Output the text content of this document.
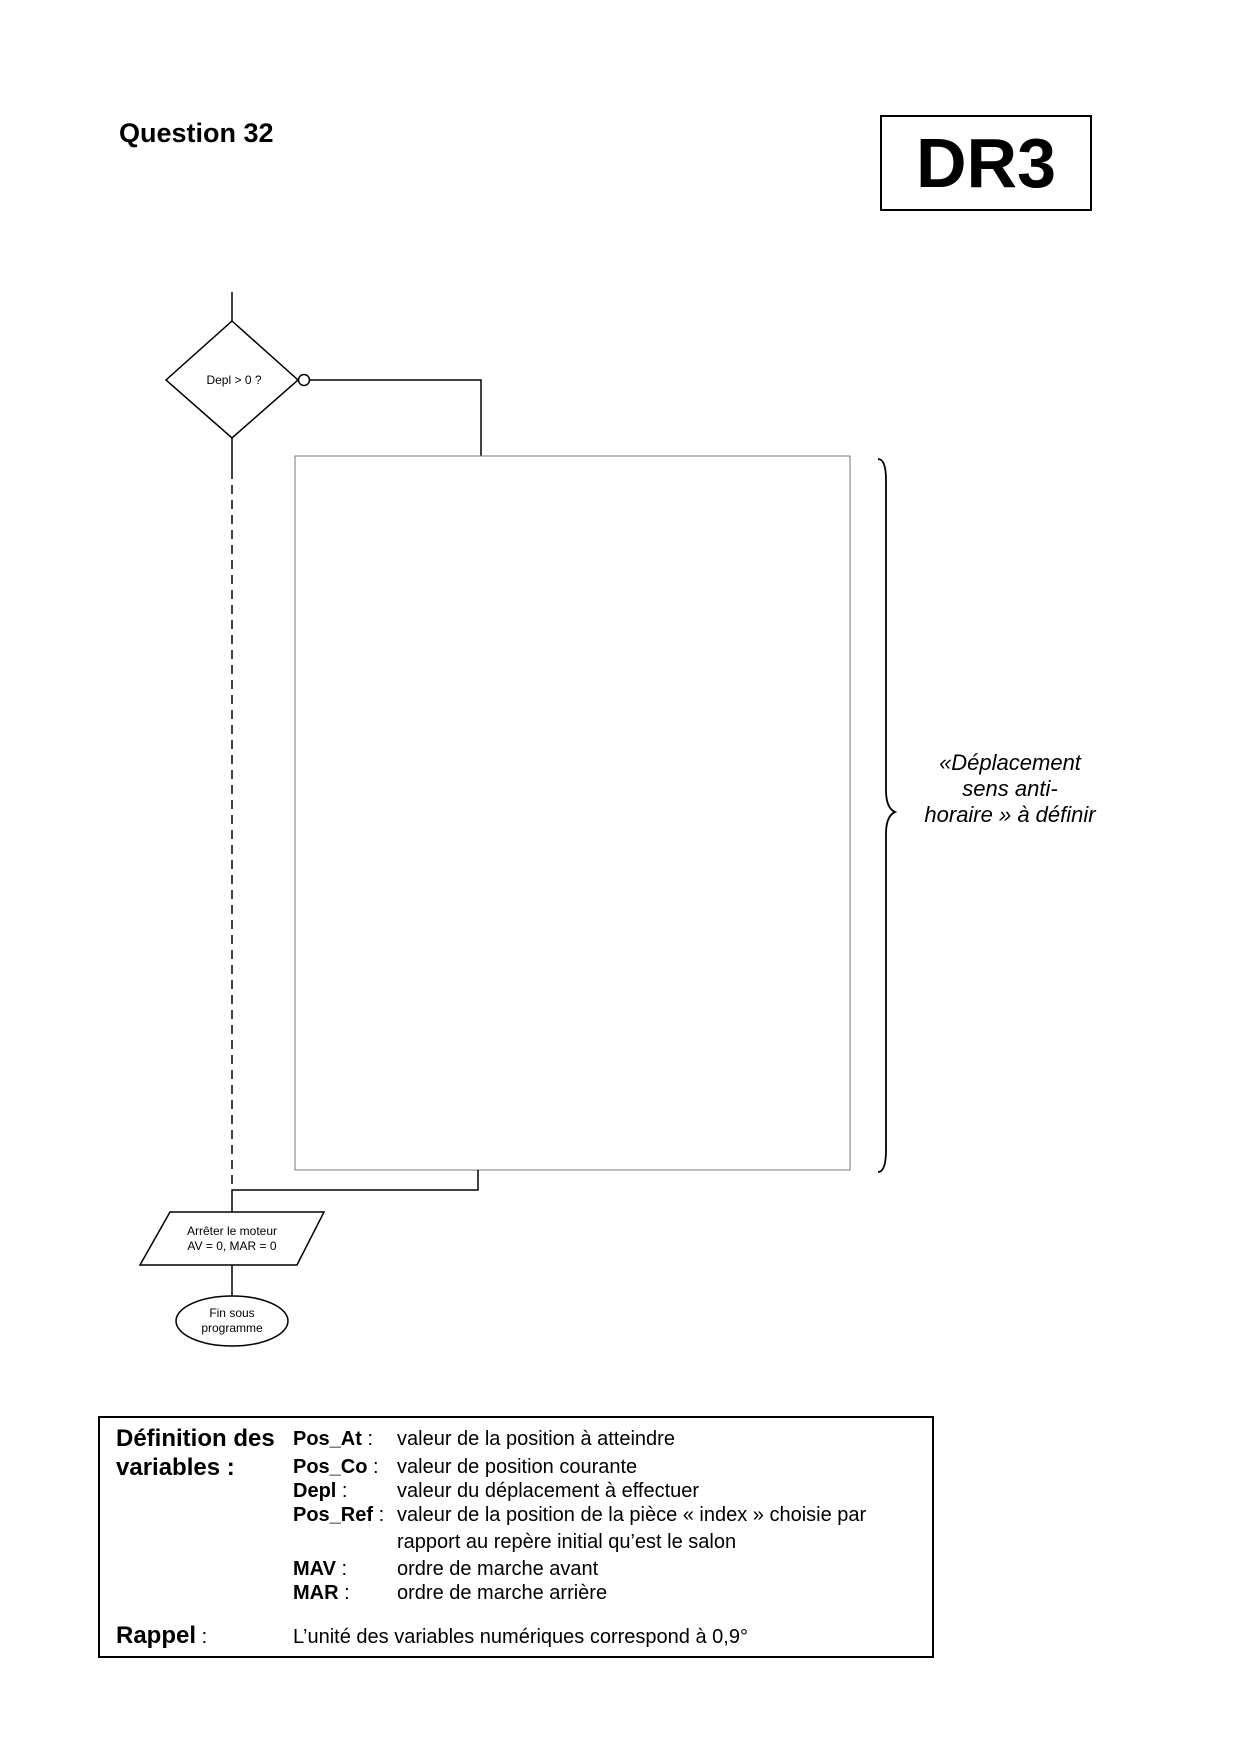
Question 32	DR3
Depl > 0 ?
Arrêter le moteur
AV = 0, MAR = 0
Fin sous
programme
«Déplacement
sens anti-
horaire » à définir
Définition des
variables :
Pos_At : valeur de la position à atteindre
Pos_Co : valeur de position courante
Depl : valeur du déplacement à effectuer
Pos_Ref : valeur de la position de la pièce « index » choisie par rapport au repère initial qu’est le salon
MAV : ordre de marche avant
MAR : ordre de marche arrière
Rappel :	L’unité des variables numériques correspond à 0,9°
